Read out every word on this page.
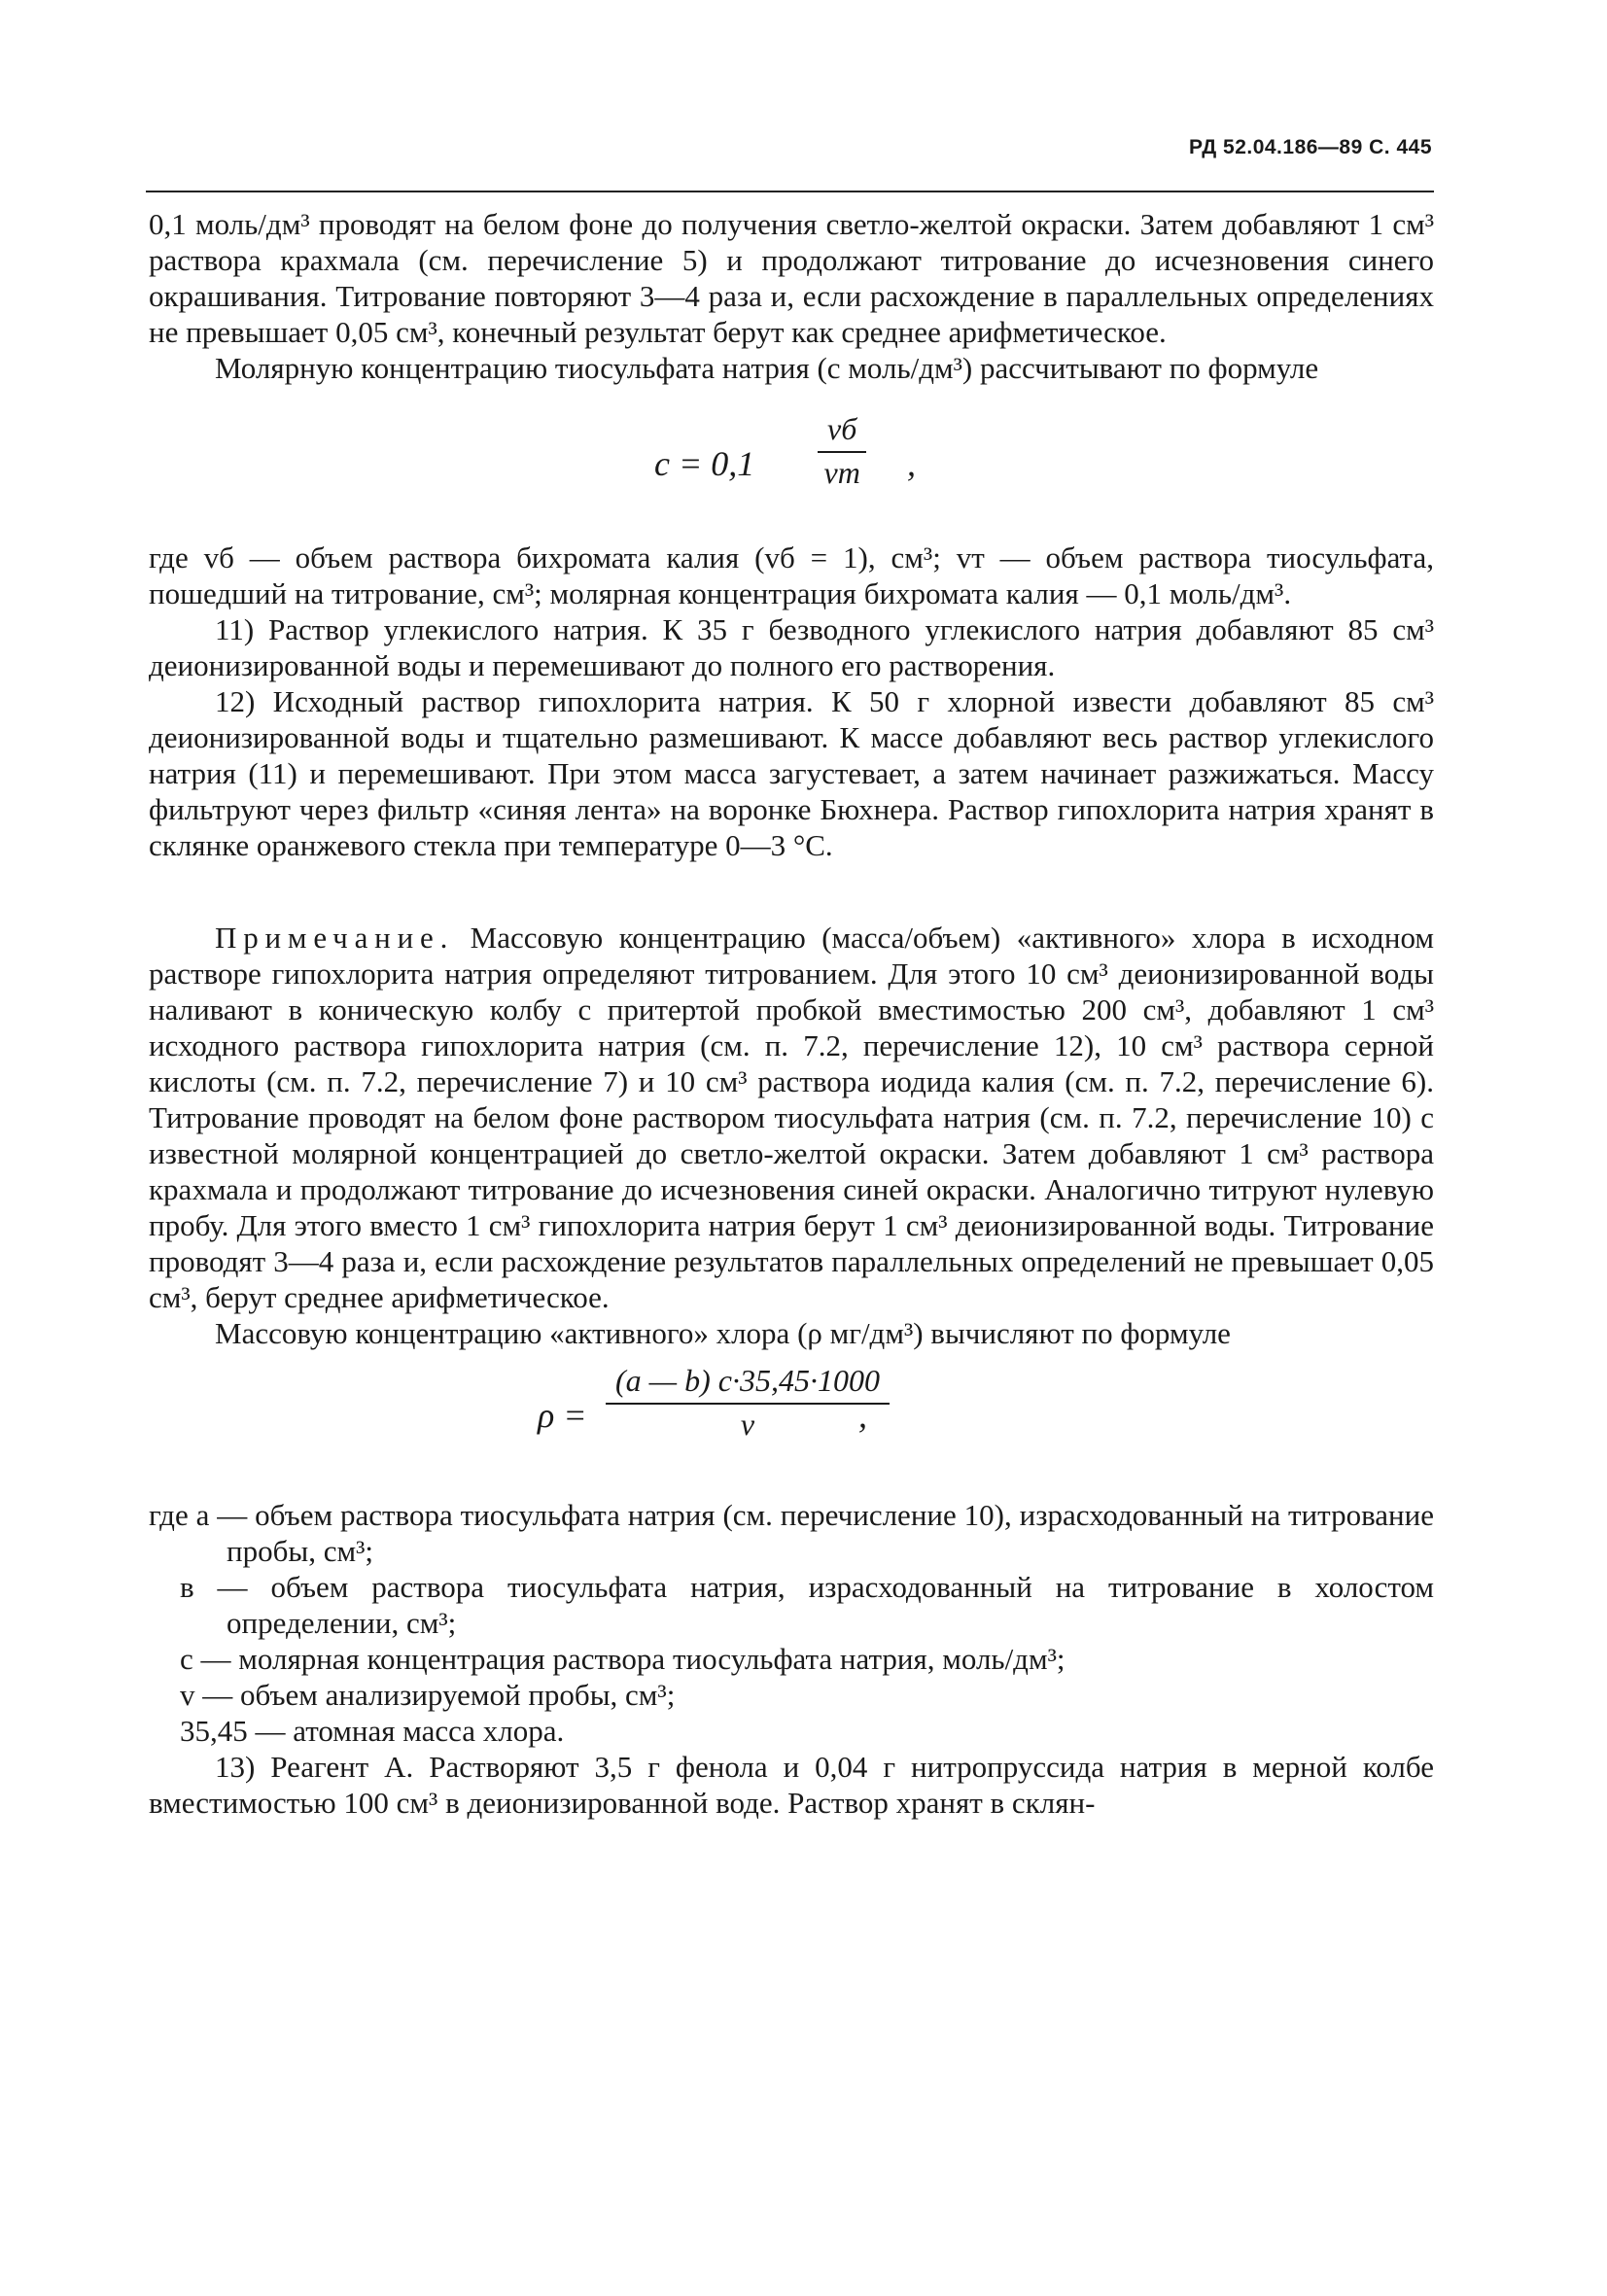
РД 52.04.186—89 С. 445

0,1 моль/дм³ проводят на белом фоне до получения светло-желтой окраски. Затем добавляют 1 см³ раствора крахмала (см. перечисление 5) и продолжают титрование до исчезновения синего окрашивания. Титрование повторяют 3—4 раза и, если расхождение в параллельных определениях не превышает 0,05 см³, конечный результат берут как среднее арифметическое.

Молярную концентрацию тиосульфата натрия (c моль/дм³) рассчитывают по формуле

c = 0,1
vб
vт ,

где vб — объем раствора бихромата калия (vб = 1), см³; vт — объем раствора тиосульфата, пошедший на титрование, см³; молярная концентрация бихромата калия — 0,1 моль/дм³.

11) Раствор углекислого натрия. К 35 г безводного углекислого натрия добавляют 85 см³ деионизированной воды и перемешивают до полного его растворения.

12) Исходный раствор гипохлорита натрия. К 50 г хлорной извести добавляют 85 см³ деионизированной воды и тщательно размешивают. К массе добавляют весь раствор углекислого натрия (11) и перемешивают. При этом масса загустевает, а затем начинает разжижаться. Массу фильтруют через фильтр «синяя лента» на воронке Бюхнера. Раствор гипохлорита натрия хранят в склянке оранжевого стекла при температуре 0—3 °С.

Примечание. Массовую концентрацию (масса/объем) «активного» хлора в исходном растворе гипохлорита натрия определяют титрованием. Для этого 10 см³ деионизированной воды наливают в коническую колбу с притертой пробкой вместимостью 200 см³, добавляют 1 см³ исходного раствора гипохлорита натрия (см. п. 7.2, перечисление 12), 10 см³ раствора серной кислоты (см. п. 7.2, перечисление 7) и 10 см³ раствора иодида калия (см. п. 7.2, перечисление 6). Титрование проводят на белом фоне раствором тиосульфата натрия (см. п. 7.2, перечисление 10) с известной молярной концентрацией до светло-желтой окраски. Затем добавляют 1 см³ раствора крахмала и продолжают титрование до исчезновения синей окраски. Аналогично титруют нулевую пробу. Для этого вместо 1 см³ гипохлорита натрия берут 1 см³ деионизированной воды. Титрование проводят 3—4 раза и, если расхождение результатов параллельных определений не превышает 0,05 см³, берут среднее арифметическое.

Массовую концентрацию «активного» хлора (ρ мг/дм³) вычисляют по формуле

ρ =
(a — b) c·35,45·1000
v	,
где a — объем раствора тиосульфата натрия (см. перечисление 10), израсходованный на титрование пробы, см³;
в — объем раствора тиосульфата натрия, израсходованный на титрование в холостом определении, см³;
c — молярная концентрация раствора тиосульфата натрия, моль/дм³;
v — объем анализируемой пробы, см³;
35,45 — атомная масса хлора.

13) Реагент А. Растворяют 3,5 г фенола и 0,04 г нитропруссида натрия в мерной колбе вместимостью 100 см³ в деионизированной воде. Раствор хранят в склян-
